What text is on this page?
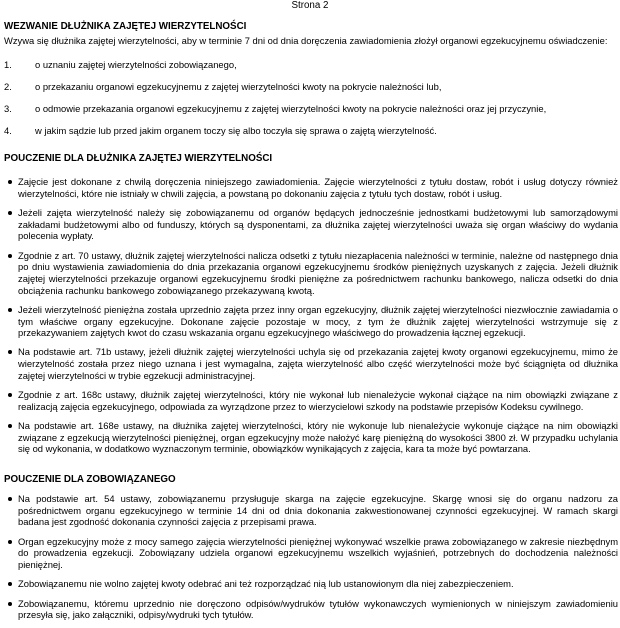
Strona 2
WEZWANIE DŁUŻNIKA ZAJĘTEJ WIERZYTELNOŚCI

Wzywa się dłużnika zajętej wierzytelności, aby w terminie 7 dni od dnia doręczenia zawiadomienia złożył organowi egzekucyjnemu oświadczenie:

1. o uznaniu zajętej wierzytelności zobowiązanego,
2. o przekazaniu organowi egzekucyjnemu z zajętej wierzytelności kwoty na pokrycie należności lub,
3. o odmowie przekazania organowi egzekucyjnemu z zajętej wierzytelności kwoty na pokrycie należności oraz jej przyczynie,
4. w jakim sądzie lub przed jakim organem toczy się albo toczyła się sprawa o zajętą wierzytelność.
POUCZENIE DLA DŁUŻNIKA ZAJĘTEJ WIERZYTELNOŚCI
Zajęcie jest dokonane z chwilą doręczenia niniejszego zawiadomienia. Zajęcie wierzytelności z tytułu dostaw, robót i usług dotyczy również wierzytelności, które nie istniały w chwili zajęcia, a powstaną po dokonaniu zajęcia z tytułu tych dostaw, robót i usług.
Jeżeli zajęta wierzytelność należy się zobowiązanemu od organów będących jednocześnie jednostkami budżetowymi lub samorządowymi zakładami budżetowymi albo od funduszy, których są dysponentami, za dłużnika zajętej wierzytelności uważa się organ właściwy do wydania polecenia wypłaty.
Zgodnie z art. 70 ustawy, dłużnik zajętej wierzytelności nalicza odsetki z tytułu niezapłacenia należności w terminie, należne od następnego dnia po dniu wystawienia zawiadomienia do dnia przekazania organowi egzekucyjnemu środków pieniężnych uzyskanych z zajęcia. Jeżeli dłużnik zajętej wierzytelności przekazuje organowi egzekucyjnemu środki pieniężne za pośrednictwem rachunku bankowego, nalicza odsetki do dnia obciążenia rachunku bankowego zobowiązanego przekazywaną kwotą.
Jeżeli wierzytelność pieniężna została uprzednio zajęta przez inny organ egzekucyjny, dłużnik zajętej wierzytelności niezwłocznie zawiadamia o tym właściwe organy egzekucyjne. Dokonane zajęcie pozostaje w mocy, z tym że dłużnik zajętej wierzytelności wstrzymuje się z przekazywaniem zajętych kwot do czasu wskazania organu egzekucyjnego właściwego do prowadzenia łącznej egzekucji.
Na podstawie art. 71b ustawy, jeżeli dłużnik zajętej wierzytelności uchyla się od przekazania zajętej kwoty organowi egzekucyjnemu, mimo że wierzytelność została przez niego uznana i jest wymagalna, zajęta wierzytelność albo część wierzytelności może być ściągnięta od dłużnika zajętej wierzytelności w trybie egzekucji administracyjnej.
Zgodnie z art. 168c ustawy, dłużnik zajętej wierzytelności, który nie wykonał lub nienależycie wykonał ciążące na nim obowiązki związane z realizacją zajęcia egzekucyjnego, odpowiada za wyrządzone przez to wierzycielowi szkody na podstawie przepisów Kodeksu cywilnego.
Na podstawie art. 168e ustawy, na dłużnika zajętej wierzytelności, który nie wykonuje lub nienależycie wykonuje ciążące na nim obowiązki związane z egzekucją wierzytelności pieniężnej, organ egzekucyjny może nałożyć karę pieniężną do wysokości 3800 zł. W przypadku uchylania się od wykonania, w dodatkowo wyznaczonym terminie, obowiązków wynikających z zajęcia, kara ta może być powtarzana.
POUCZENIE DLA ZOBOWIĄZANEGO
Na podstawie art. 54 ustawy, zobowiązanemu przysługuje skarga na zajęcie egzekucyjne. Skargę wnosi się do organu nadzoru za pośrednictwem organu egzekucyjnego w terminie 14 dni od dnia dokonania zakwestionowanej czynności egzekucyjnej. W ramach skargi badana jest zgodność dokonania czynności zajęcia z przepisami prawa.
Organ egzekucyjny może z mocy samego zajęcia wierzytelności pieniężnej wykonywać wszelkie prawa zobowiązanego w zakresie niezbędnym do prowadzenia egzekucji. Zobowiązany udziela organowi egzekucyjnemu wszelkich wyjaśnień, potrzebnych do dochodzenia należności pieniężnej.
Zobowiązanemu nie wolno zajętej kwoty odebrać ani też rozporządzać nią lub ustanowionym dla niej zabezpieczeniem.
Zobowiązanemu, któremu uprzednio nie doręczono odpisów/wydruków tytułów wykonawczych wymienionych w niniejszym zawiadomieniu przesyła się, jako załączniki, odpisy/wydruki tych tytułów.
